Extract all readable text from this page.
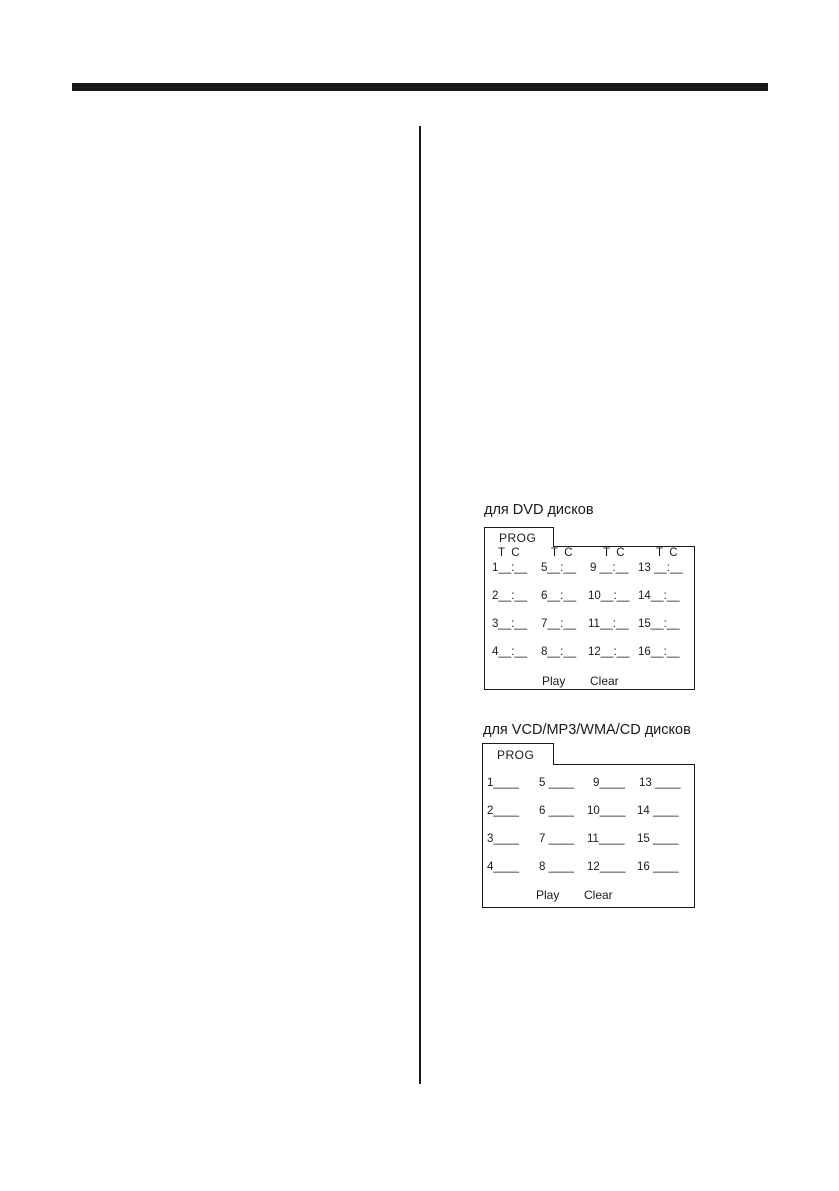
для DVD дисков
PROG
T  C	T  C	T  C	T  C
1__:__ 5__:__ 9 __:__ 13 __:__
2__:__ 6__:__ 10__:__ 14__:__
3__:__ 7__:__ 11__:__ 15__:__
4__:__ 8__:__ 12__:__ 16__:__
Play Clear
для VCD/MP3/WMA/CD дисков
PROG
1____ 5 ____ 9____ 13 ____
2____ 6 ____ 10____ 14 ____
3____ 7 ____ 11____ 15 ____
4____ 8 ____ 12____ 16 ____
Play Clear
